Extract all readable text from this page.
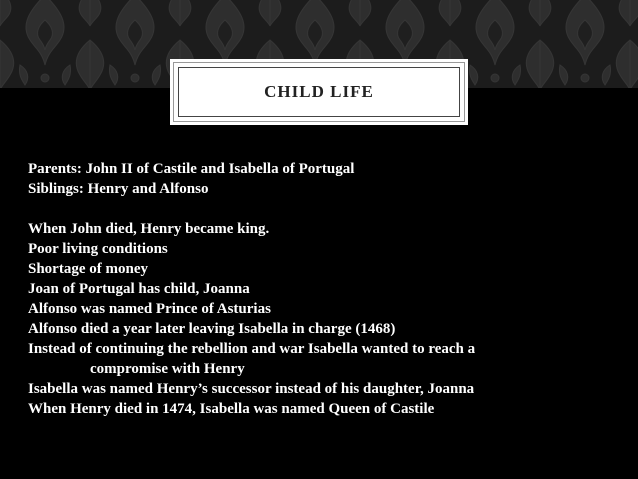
CHILD LIFE
Parents: John II of Castile and Isabella of Portugal
Siblings: Henry and Alfonso
When John died, Henry became king.
Poor living conditions
Shortage of money
Joan of Portugal has child, Joanna
Alfonso was named Prince of Asturias
Alfonso died a year later leaving Isabella in charge (1468)
Instead of continuing the rebellion and war Isabella wanted to reach a
compromise with Henry
Isabella was named Henry’s successor instead of his daughter, Joanna
When Henry died in 1474, Isabella was named Queen of Castile
